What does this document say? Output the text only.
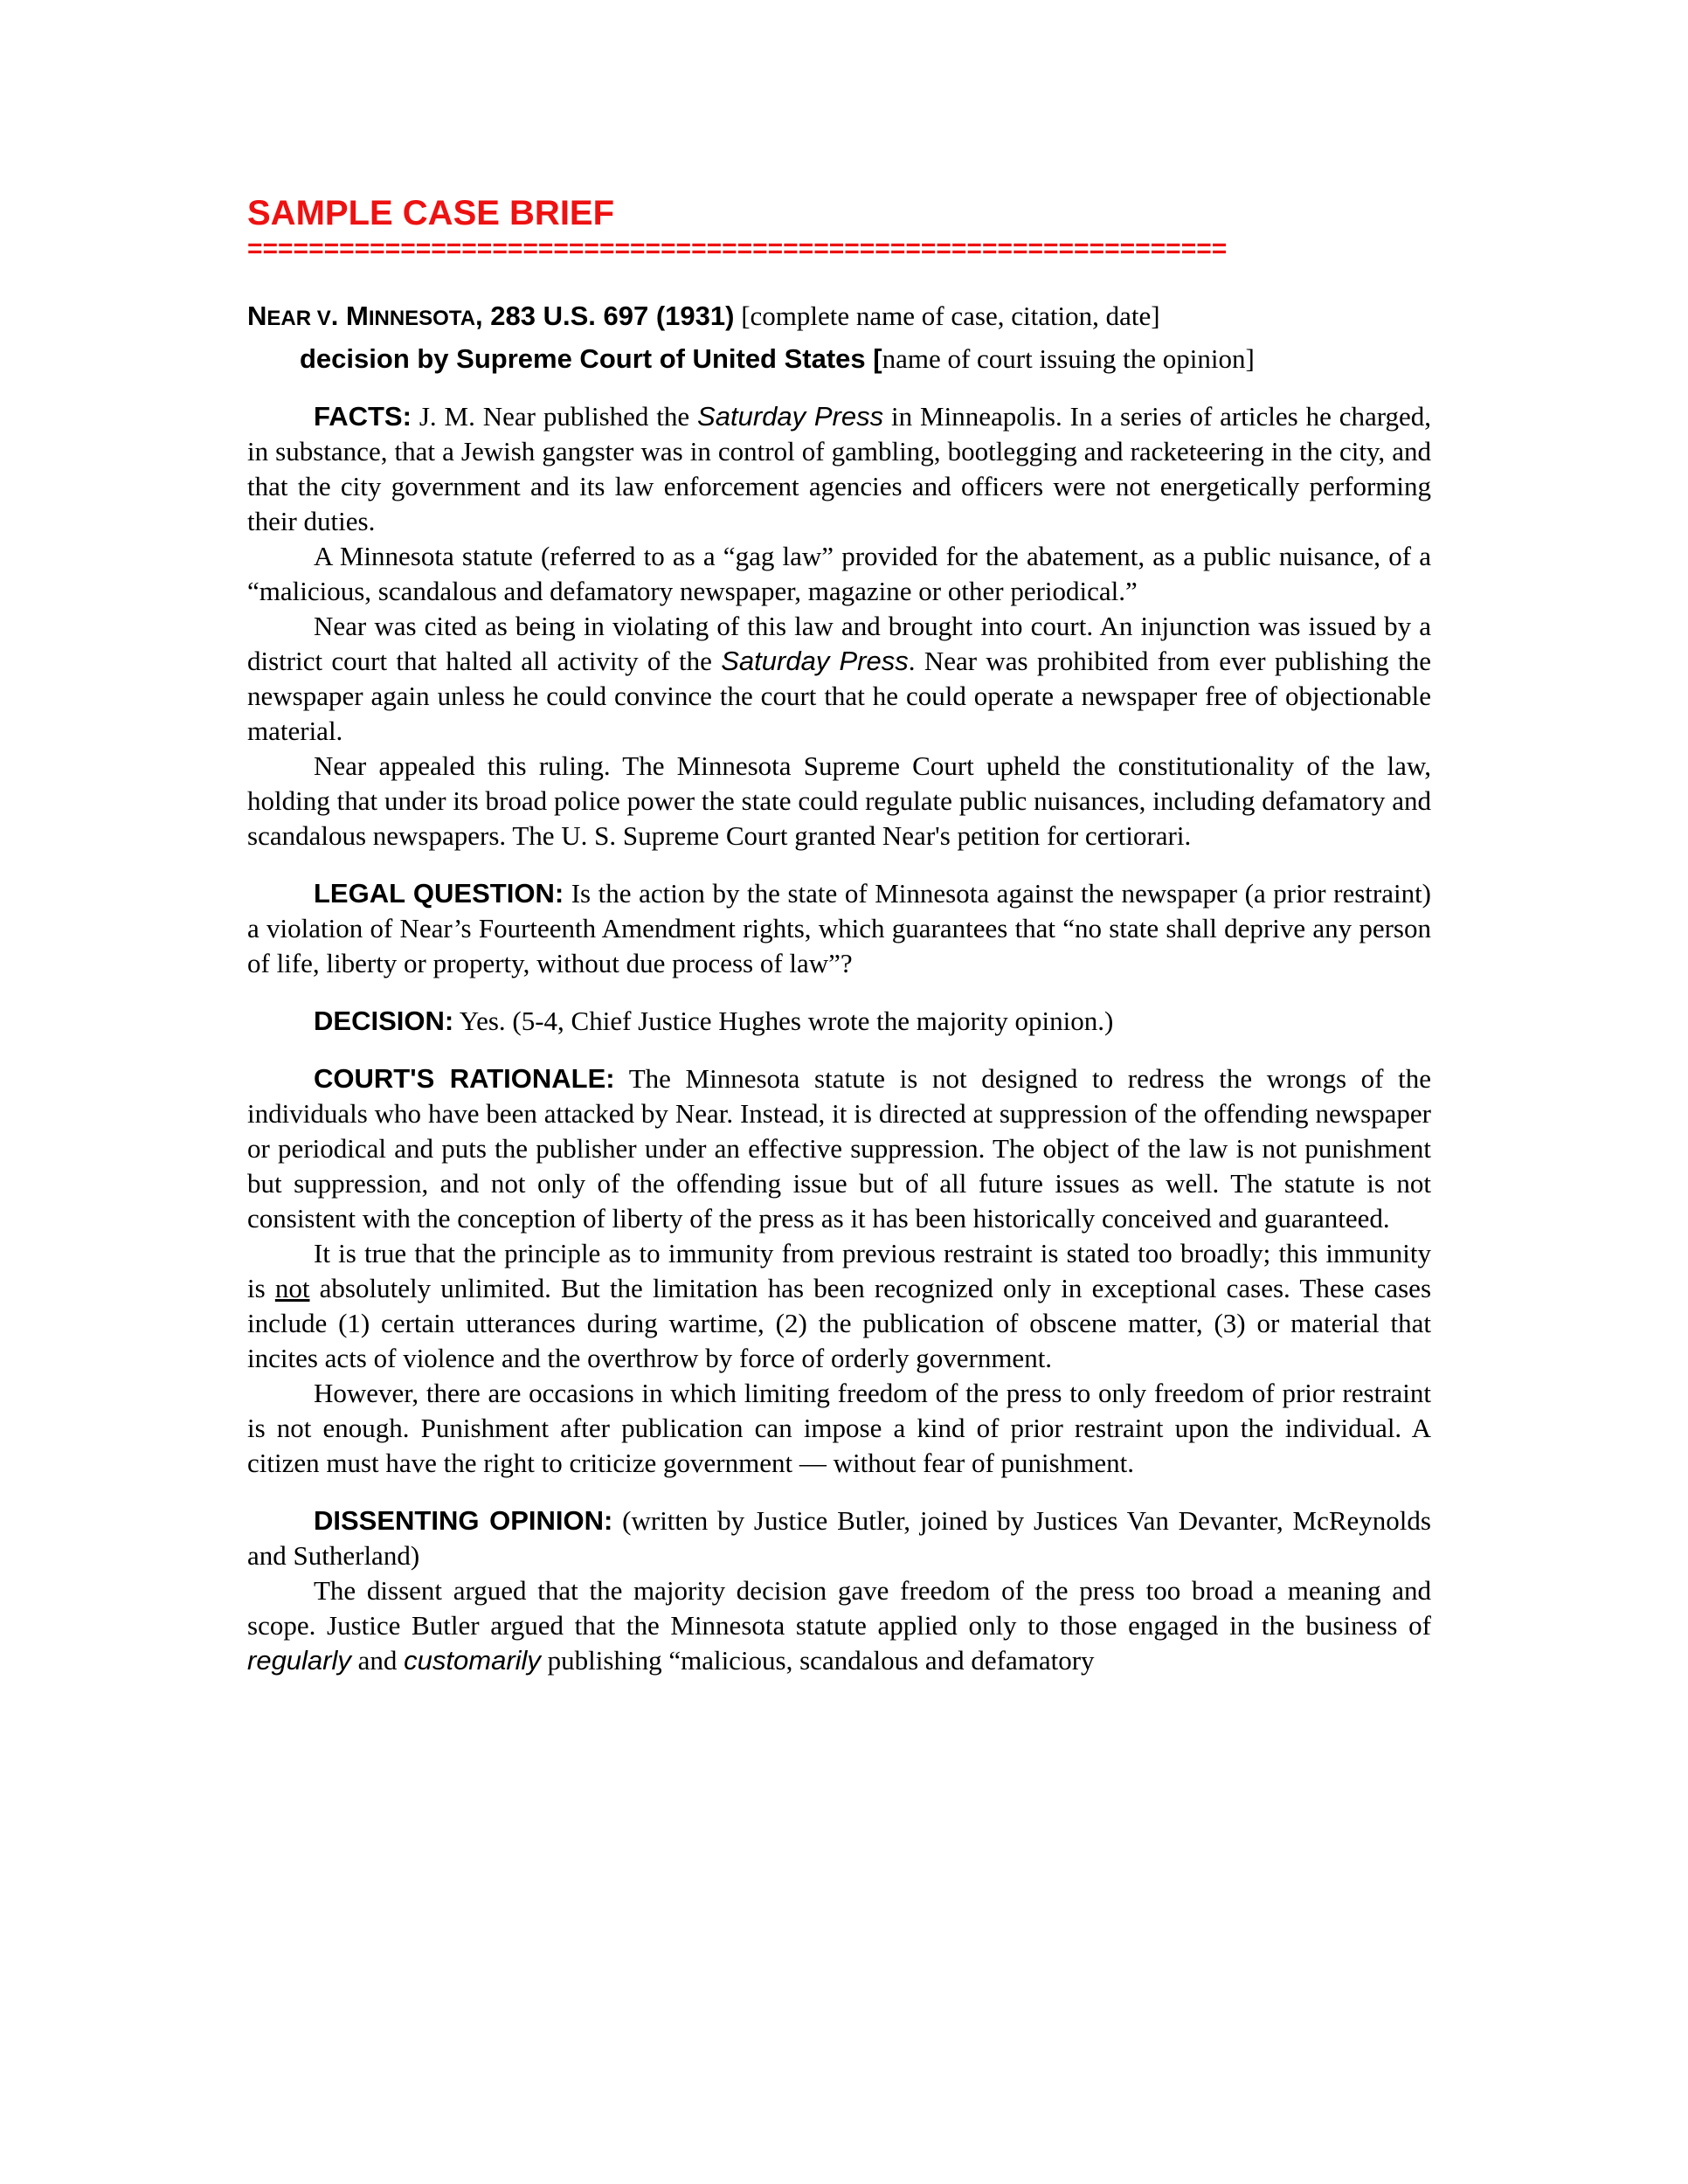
SAMPLE CASE BRIEF
================================================================
NEAR V. MINNESOTA, 283 U.S. 697 (1931) [complete name of case, citation, date]
decision by Supreme Court of United States [name of court issuing the opinion]

FACTS: J. M. Near published the Saturday Press in Minneapolis. In a series of articles he charged, in substance, that a Jewish gangster was in control of gambling, bootlegging and racketeering in the city, and that the city government and its law enforcement agencies and officers were not energetically performing their duties.

A Minnesota statute (referred to as a “gag law” provided for the abatement, as a public nuisance, of a “malicious, scandalous and defamatory newspaper, magazine or other periodical.”

Near was cited as being in violating of this law and brought into court. An injunction was issued by a district court that halted all activity of the Saturday Press. Near was prohibited from ever publishing the newspaper again unless he could convince the court that he could operate a newspaper free of objectionable material.

Near appealed this ruling. The Minnesota Supreme Court upheld the constitutionality of the law, holding that under its broad police power the state could regulate public nuisances, including defamatory and scandalous newspapers. The U. S. Supreme Court granted Near's petition for certiorari.

LEGAL QUESTION: Is the action by the state of Minnesota against the newspaper (a prior restraint) a violation of Near’s Fourteenth Amendment rights, which guarantees that “no state shall deprive any person of life, liberty or property, without due process of law”?

DECISION: Yes. (5-4, Chief Justice Hughes wrote the majority opinion.)

COURT'S RATIONALE: The Minnesota statute is not designed to redress the wrongs of the individuals who have been attacked by Near. Instead, it is directed at suppression of the offending newspaper or periodical and puts the publisher under an effective suppression. The object of the law is not punishment but suppression, and not only of the offending issue but of all future issues as well. The statute is not consistent with the conception of liberty of the press as it has been historically conceived and guaranteed.

It is true that the principle as to immunity from previous restraint is stated too broadly; this immunity is not absolutely unlimited. But the limitation has been recognized only in exceptional cases. These cases include (1) certain utterances during wartime, (2) the publication of obscene matter, (3) or material that incites acts of violence and the overthrow by force of orderly government.

However, there are occasions in which limiting freedom of the press to only freedom of prior restraint is not enough. Punishment after publication can impose a kind of prior restraint upon the individual. A citizen must have the right to criticize government — without fear of punishment.

DISSENTING OPINION: (written by Justice Butler, joined by Justices Van Devanter, McReynolds and Sutherland)

The dissent argued that the majority decision gave freedom of the press too broad a meaning and scope. Justice Butler argued that the Minnesota statute applied only to those engaged in the business of regularly and customarily publishing “malicious, scandalous and defamatory
